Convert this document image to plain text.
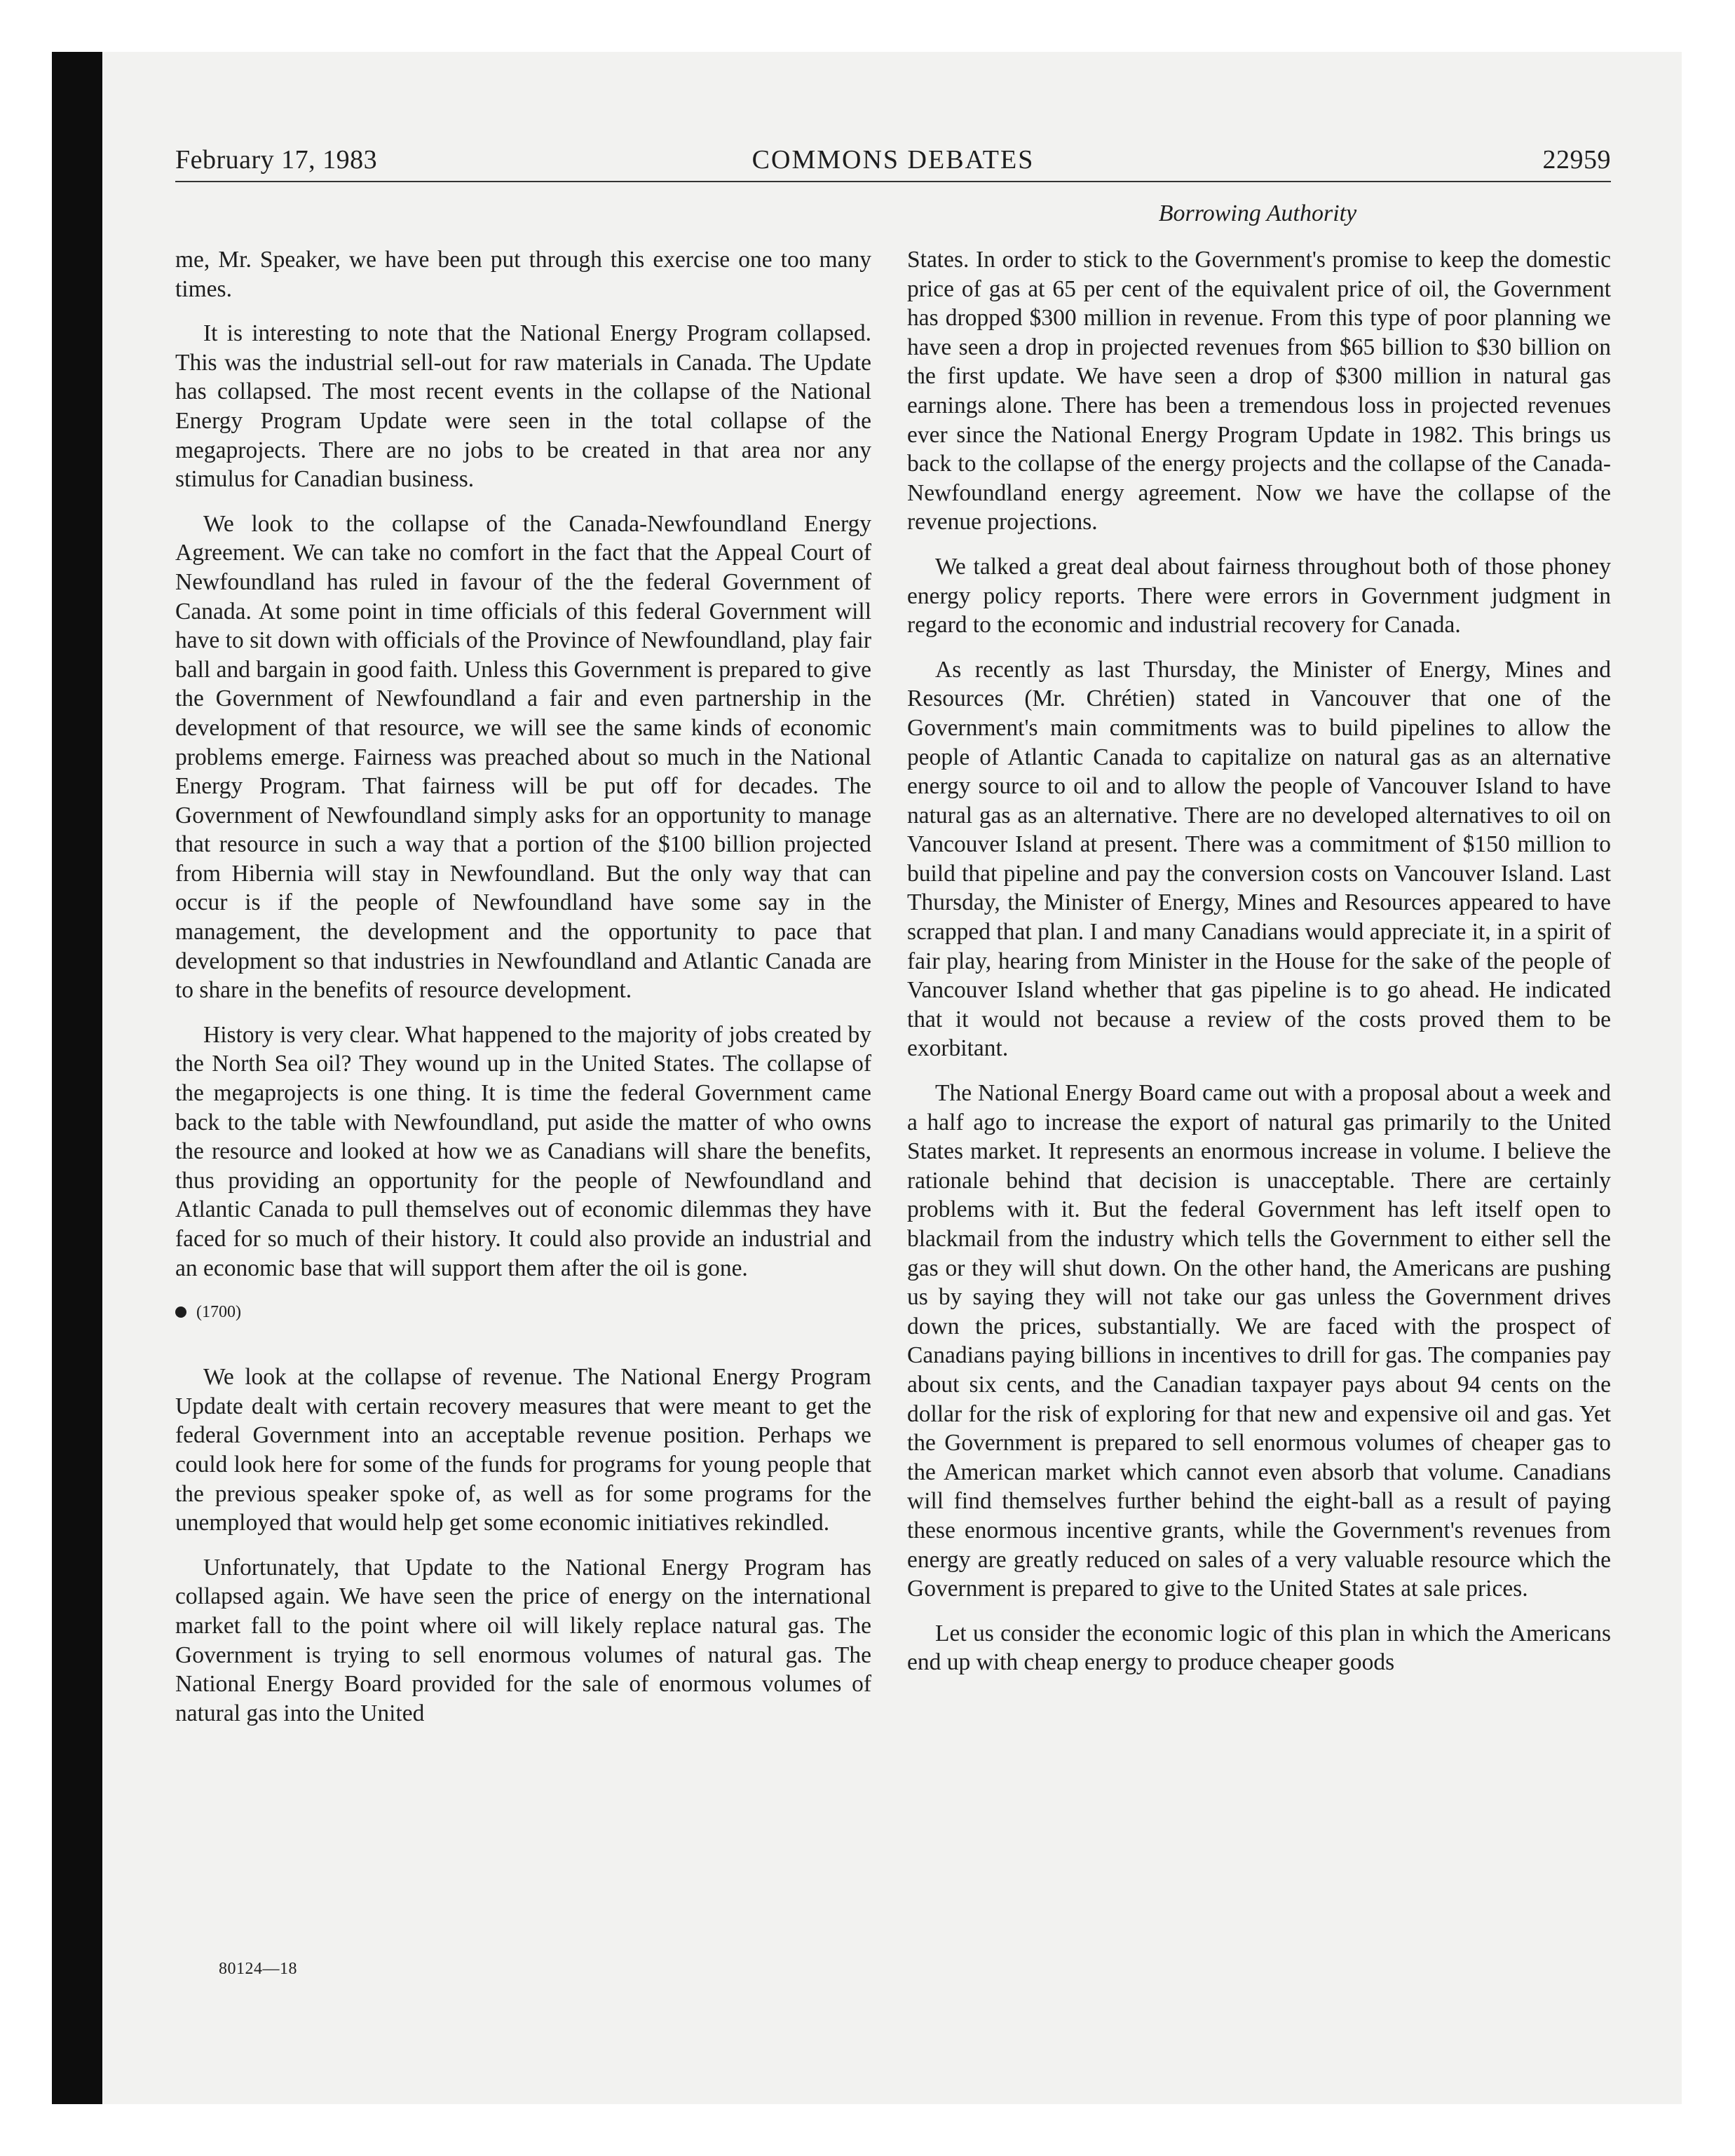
February 17, 1983	COMMONS DEBATES	22959
Borrowing Authority

me, Mr. Speaker, we have been put through this exercise one too many times.

It is interesting to note that the National Energy Program collapsed. This was the industrial sell-out for raw materials in Canada. The Update has collapsed. The most recent events in the collapse of the National Energy Program Update were seen in the total collapse of the megaprojects. There are no jobs to be created in that area nor any stimulus for Canadian business.

We look to the collapse of the Canada-Newfoundland Energy Agreement. We can take no comfort in the fact that the Appeal Court of Newfoundland has ruled in favour of the the federal Government of Canada. At some point in time officials of this federal Government will have to sit down with officials of the Province of Newfoundland, play fair ball and bargain in good faith. Unless this Government is prepared to give the Government of Newfoundland a fair and even partnership in the development of that resource, we will see the same kinds of economic problems emerge. Fairness was preached about so much in the National Energy Program. That fairness will be put off for decades. The Government of Newfoundland simply asks for an opportunity to manage that resource in such a way that a portion of the $100 billion projected from Hibernia will stay in Newfoundland. But the only way that can occur is if the people of Newfoundland have some say in the management, the development and the opportunity to pace that development so that industries in Newfoundland and Atlantic Canada are to share in the benefits of resource development.

History is very clear. What happened to the majority of jobs created by the North Sea oil? They wound up in the United States. The collapse of the megaprojects is one thing. It is time the federal Government came back to the table with Newfoundland, put aside the matter of who owns the resource and looked at how we as Canadians will share the benefits, thus providing an opportunity for the people of Newfoundland and Atlantic Canada to pull themselves out of economic dilemmas they have faced for so much of their history. It could also provide an industrial and an economic base that will support them after the oil is gone.

(1700)

We look at the collapse of revenue. The National Energy Program Update dealt with certain recovery measures that were meant to get the federal Government into an acceptable revenue position. Perhaps we could look here for some of the funds for programs for young people that the previous speaker spoke of, as well as for some programs for the unemployed that would help get some economic initiatives rekindled.

Unfortunately, that Update to the National Energy Program has collapsed again. We have seen the price of energy on the international market fall to the point where oil will likely replace natural gas. The Government is trying to sell enormous volumes of natural gas. The National Energy Board provided for the sale of enormous volumes of natural gas into the United

States. In order to stick to the Government's promise to keep the domestic price of gas at 65 per cent of the equivalent price of oil, the Government has dropped $300 million in revenue. From this type of poor planning we have seen a drop in projected revenues from $65 billion to $30 billion on the first update. We have seen a drop of $300 million in natural gas earnings alone. There has been a tremendous loss in projected revenues ever since the National Energy Program Update in 1982. This brings us back to the collapse of the energy projects and the collapse of the Canada-Newfoundland energy agreement. Now we have the collapse of the revenue projections.

We talked a great deal about fairness throughout both of those phoney energy policy reports. There were errors in Government judgment in regard to the economic and industrial recovery for Canada.

As recently as last Thursday, the Minister of Energy, Mines and Resources (Mr. Chrétien) stated in Vancouver that one of the Government's main commitments was to build pipelines to allow the people of Atlantic Canada to capitalize on natural gas as an alternative energy source to oil and to allow the people of Vancouver Island to have natural gas as an alternative. There are no developed alternatives to oil on Vancouver Island at present. There was a commitment of $150 million to build that pipeline and pay the conversion costs on Vancouver Island. Last Thursday, the Minister of Energy, Mines and Resources appeared to have scrapped that plan. I and many Canadians would appreciate it, in a spirit of fair play, hearing from Minister in the House for the sake of the people of Vancouver Island whether that gas pipeline is to go ahead. He indicated that it would not because a review of the costs proved them to be exorbitant.

The National Energy Board came out with a proposal about a week and a half ago to increase the export of natural gas primarily to the United States market. It represents an enormous increase in volume. I believe the rationale behind that decision is unacceptable. There are certainly problems with it. But the federal Government has left itself open to blackmail from the industry which tells the Government to either sell the gas or they will shut down. On the other hand, the Americans are pushing us by saying they will not take our gas unless the Government drives down the prices, substantially. We are faced with the prospect of Canadians paying billions in incentives to drill for gas. The companies pay about six cents, and the Canadian taxpayer pays about 94 cents on the dollar for the risk of exploring for that new and expensive oil and gas. Yet the Government is prepared to sell enormous volumes of cheaper gas to the American market which cannot even absorb that volume. Canadians will find themselves further behind the eight-ball as a result of paying these enormous incentive grants, while the Government's revenues from energy are greatly reduced on sales of a very valuable resource which the Government is prepared to give to the United States at sale prices.

Let us consider the economic logic of this plan in which the Americans end up with cheap energy to produce cheaper goods

80124—18
